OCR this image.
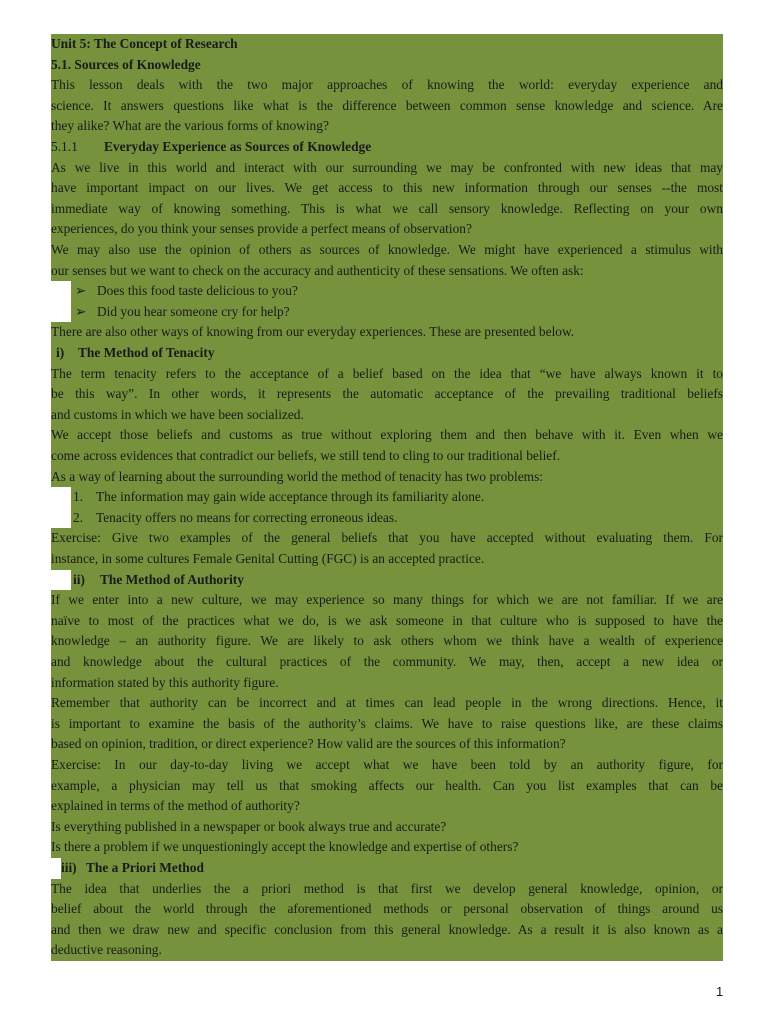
Unit 5: The Concept of Research
5.1. Sources of Knowledge
This lesson deals with the two major approaches of knowing the world: everyday experience and
science. It answers questions like what is the difference between common sense knowledge and science. Are
they alike? What are the various forms of knowing?
5.1.1 Everyday Experience as Sources of Knowledge
As we live in this world and interact with our surrounding we may be confronted with new ideas that may
have important impact on our lives. We get access to this new information through our senses --the most
immediate way of knowing something. This is what we call sensory knowledge. Reflecting on your own
experiences, do you think your senses provide a perfect means of observation?
We may also use the opinion of others as sources of knowledge. We might have experienced a stimulus with
our senses but we want to check on the accuracy and authenticity of these sensations. We often ask:
➢ Does this food taste delicious to you?
➢ Did you hear someone cry for help?
There are also other ways of knowing from our everyday experiences. These are presented below.
i) The Method of Tenacity
The term tenacity refers to the acceptance of a belief based on the idea that “we have always known it to
be this way”. In other words, it represents the automatic acceptance of the prevailing traditional beliefs
and customs in which we have been socialized.
We accept those beliefs and customs as true without exploring them and then behave with it. Even when we
come across evidences that contradict our beliefs, we still tend to cling to our traditional belief.
As a way of learning about the surrounding world the method of tenacity has two problems:
1. The information may gain wide acceptance through its familiarity alone.
2. Tenacity offers no means for correcting erroneous ideas.
Exercise: Give two examples of the general beliefs that you have accepted without evaluating them. For
instance, in some cultures Female Genital Cutting (FGC) is an accepted practice.
ii) The Method of Authority
If we enter into a new culture, we may experience so many things for which we are not familiar. If we are
naïve to most of the practices what we do, is we ask someone in that culture who is supposed to have the
knowledge – an authority figure. We are likely to ask others whom we think have a wealth of experience
and knowledge about the cultural practices of the community. We may, then, accept a new idea or
information stated by this authority figure.
Remember that authority can be incorrect and at times can lead people in the wrong directions. Hence, it
is important to examine the basis of the authority’s claims. We have to raise questions like, are these claims
based on opinion, tradition, or direct experience? How valid are the sources of this information?
Exercise: In our day-to-day living we accept what we have been told by an authority figure, for
example, a physician may tell us that smoking affects our health. Can you list examples that can be
explained in terms of the method of authority?
Is everything published in a newspaper or book always true and accurate?
Is there a problem if we unquestioningly accept the knowledge and expertise of others?
iii) The a Priori Method
The idea that underlies the a priori method is that first we develop general knowledge, opinion, or
belief about the world through the aforementioned methods or personal observation of things around us
and then we draw new and specific conclusion from this general knowledge. As a result it is also known as a
deductive reasoning.
1
